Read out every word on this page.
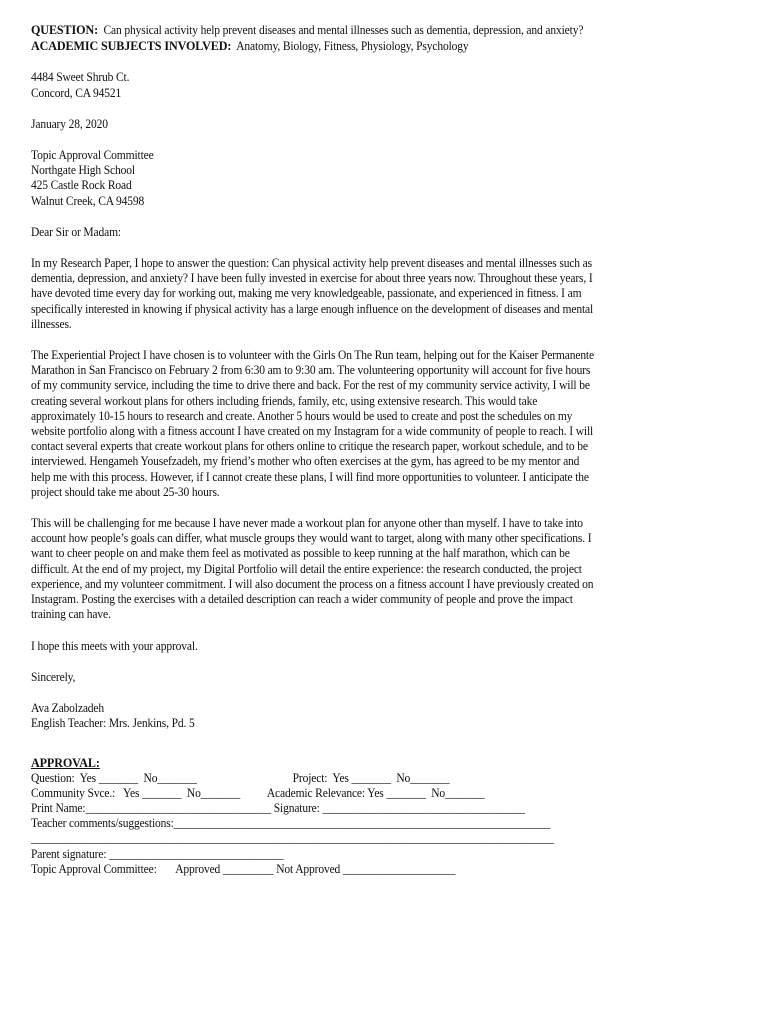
QUESTION: Can physical activity help prevent diseases and mental illnesses such as dementia, depression, and anxiety?
ACADEMIC SUBJECTS INVOLVED: Anatomy, Biology, Fitness, Physiology, Psychology
4484 Sweet Shrub Ct.
Concord, CA 94521
January 28, 2020
Topic Approval Committee
Northgate High School
425 Castle Rock Road
Walnut Creek, CA 94598
Dear Sir or Madam:
In my Research Paper, I hope to answer the question: Can physical activity help prevent diseases and mental illnesses such as
dementia, depression, and anxiety? I have been fully invested in exercise for about three years now. Throughout these years, I
have devoted time every day for working out, making me very knowledgeable, passionate, and experienced in fitness. I am
specifically interested in knowing if physical activity has a large enough influence on the development of diseases and mental
illnesses.
The Experiential Project I have chosen is to volunteer with the Girls On The Run team, helping out for the Kaiser Permanente
Marathon in San Francisco on February 2 from 6:30 am to 9:30 am. The volunteering opportunity will account for five hours
of my community service, including the time to drive there and back. For the rest of my community service activity, I will be
creating several workout plans for others including friends, family, etc, using extensive research. This would take
approximately 10-15 hours to research and create. Another 5 hours would be used to create and post the schedules on my
website portfolio along with a fitness account I have created on my Instagram for a wide community of people to reach. I will
contact several experts that create workout plans for others online to critique the research paper, workout schedule, and to be
interviewed. Hengameh Yousefzadeh, my friend’s mother who often exercises at the gym, has agreed to be my mentor and
help me with this process. However, if I cannot create these plans, I will find more opportunities to volunteer. I anticipate the
project should take me about 25-30 hours.
This will be challenging for me because I have never made a workout plan for anyone other than myself. I have to take into
account how people’s goals can differ, what muscle groups they would want to target, along with many other specifications. I
want to cheer people on and make them feel as motivated as possible to keep running at the half marathon, which can be
difficult. At the end of my project, my Digital Portfolio will detail the entire experience: the research conducted, the project
experience, and my volunteer commitment. I will also document the process on a fitness account I have previously created on
Instagram. Posting the exercises with a detailed description can reach a wider community of people and prove the impact
training can have.
I hope this meets with your approval.
Sincerely,
Ava Zabolzadeh
English Teacher: Mrs. Jenkins, Pd. 5
APPROVAL:
Question:  Yes _______  No_______                                   Project:  Yes _______  No_______
Community Svce.:   Yes _______  No_______          Academic Relevance: Yes _______  No_______
Print Name:_________________________________ Signature: ____________________________________
Teacher comments/suggestions:___________________________________________________________________
_____________________________________________________________________________________________
Parent signature: _______________________________
Topic Approval Committee:       Approved _________ Not Approved ____________________
